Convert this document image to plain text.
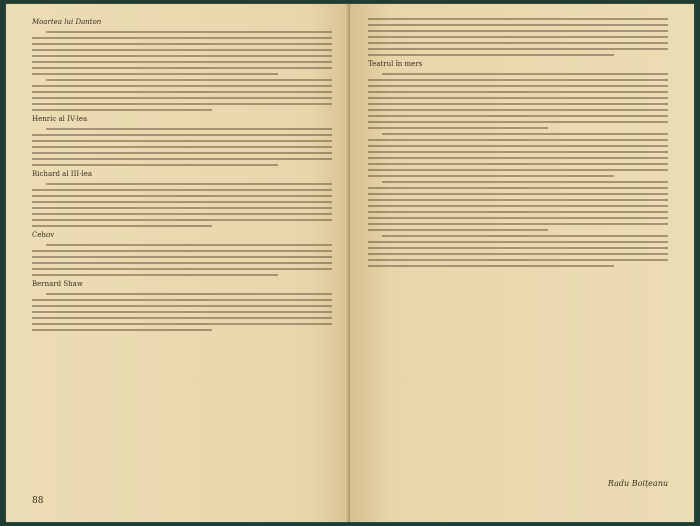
Moartea lui Danton

Henric al IV-lea

Richard al III-lea

Cehov

Bernard Shaw

88

Teatrul în mers

Radu Boițeanu
